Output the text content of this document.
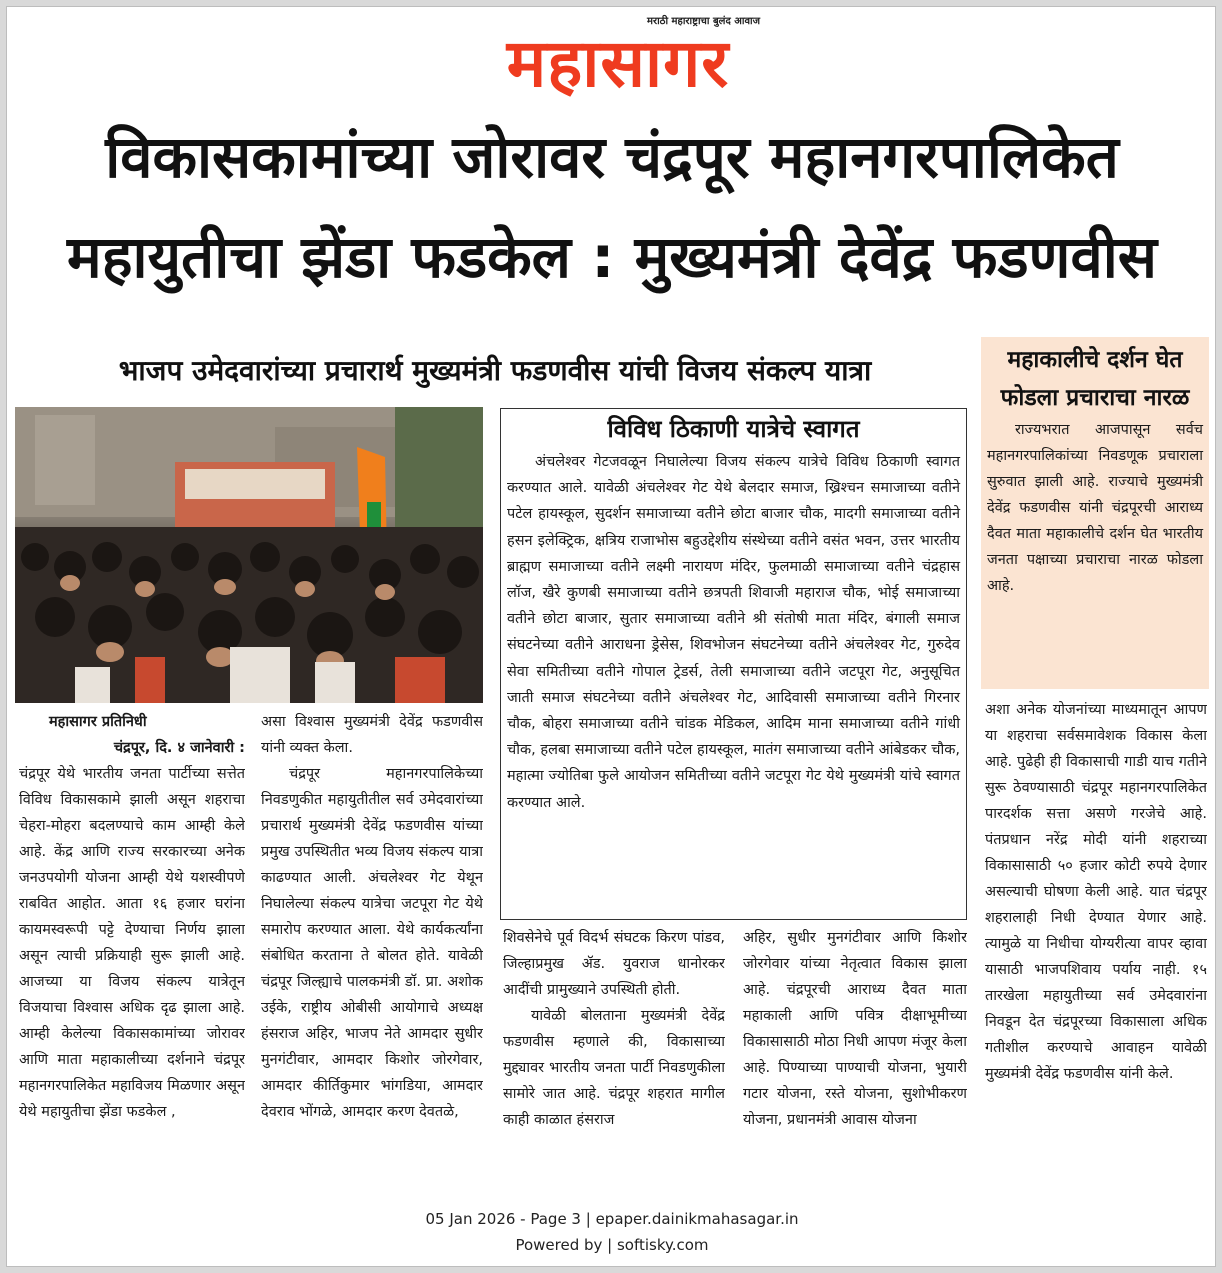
मराठी महाराष्ट्राचा बुलंद आवाज
महासागर
विकासकामांच्या जोरावर चंद्रपूर महानगरपालिकेत
महायुतीचा झेंडा फडकेल : मुख्यमंत्री देवेंद्र फडणवीस
भाजप उमेदवारांच्या प्रचारार्थ मुख्यमंत्री फडणवीस यांची विजय संकल्प यात्रा

महासागर प्रतिनिधी

चंद्रपूर, दि. ४ जानेवारी :

चंद्रपूर येथे भारतीय जनता पार्टीच्या सत्तेत विविध विकासकामे झाली असून शहराचा चेहरा-मोहरा बदलण्याचे काम आम्ही केले आहे. केंद्र आणि राज्य सरकारच्या अनेक जनउपयोगी योजना आम्ही येथे यशस्वीपणे राबवित आहोत. आता १६ हजार घरांना कायमस्वरूपी पट्टे देण्याचा निर्णय झाला असून त्याची प्रक्रियाही सुरू झाली आहे. आजच्या या विजय संकल्प यात्रेतून विजयाचा विश्वास अधिक दृढ झाला आहे. आम्ही केलेल्या विकासकामांच्या जोरावर आणि माता महाकालीच्या दर्शनाने चंद्रपूर महानगरपालिकेत महाविजय मिळणार असून येथे महायुतीचा झेंडा फडकेल ,

असा विश्वास मुख्यमंत्री देवेंद्र फडणवीस यांनी व्यक्त केला.

चंद्रपूर महानगरपालिकेच्या निवडणुकीत महायुतीतील सर्व उमेदवारांच्या प्रचारार्थ मुख्यमंत्री देवेंद्र फडणवीस यांच्या प्रमुख उपस्थितीत भव्य विजय संकल्प यात्रा काढण्यात आली. अंचलेश्वर गेट येथून निघालेल्या संकल्प यात्रेचा जटपूरा गेट येथे समारोप करण्यात आला. येथे कार्यकर्त्यांना संबोधित करताना ते बोलत होते. यावेळी चंद्रपूर जिल्ह्याचे पालकमंत्री डॉ. प्रा. अशोक उईके, राष्ट्रीय ओबीसी आयोगाचे अध्यक्ष हंसराज अहिर, भाजप नेते आमदार सुधीर मुनगंटीवार, आमदार किशोर जोरगेवार, आमदार कीर्तिकुमार भांगडिया, आमदार देवराव भोंगळे, आमदार करण देवतळे,

विविध ठिकाणी यात्रेचे स्वागत
अंचलेश्वर गेटजवळून निघालेल्या विजय संकल्प यात्रेचे विविध ठिकाणी स्वागत करण्यात आले. यावेळी अंचलेश्वर गेट येथे बेलदार समाज, ख्रिश्चन समाजाच्या वतीने पटेल हायस्कूल, सुदर्शन समाजाच्या वतीने छोटा बाजार चौक, मादगी समाजाच्या वतीने हसन इलेक्ट्रिक, क्षत्रिय राजाभोस बहुउद्देशीय संस्थेच्या वतीने वसंत भवन, उत्तर भारतीय ब्राह्मण समाजाच्या वतीने लक्ष्मी नारायण मंदिर, फुलमाळी समाजाच्या वतीने चंद्रहास लॉज, खैरे कुणबी समाजाच्या वतीने छत्रपती शिवाजी महाराज चौक, भोई समाजाच्या वतीने छोटा बाजार, सुतार समाजाच्या वतीने श्री संतोषी माता मंदिर, बंगाली समाज संघटनेच्या वतीने आराधना ड्रेसेस, शिवभोजन संघटनेच्या वतीने अंचलेश्वर गेट, गुरुदेव सेवा समितीच्या वतीने गोपाल ट्रेडर्स, तेली समाजाच्या वतीने जटपूरा गेट, अनुसूचित जाती समाज संघटनेच्या वतीने अंचलेश्वर गेट, आदिवासी समाजाच्या वतीने गिरनार चौक, बोहरा समाजाच्या वतीने चांडक मेडिकल, आदिम माना समाजाच्या वतीने गांधी चौक, हलबा समाजाच्या वतीने पटेल हायस्कूल, मातंग समाजाच्या वतीने आंबेडकर चौक, महात्मा ज्योतिबा फुले आयोजन समितीच्या वतीने जटपूरा गेट येथे मुख्यमंत्री यांचे स्वागत करण्यात आले.

शिवसेनेचे पूर्व विदर्भ संघटक किरण पांडव, जिल्हाप्रमुख ॲड. युवराज धानोरकर आदींची प्रामुख्याने उपस्थिती होती.

यावेळी बोलताना मुख्यमंत्री देवेंद्र फडणवीस म्हणाले की, विकासाच्या मुद्द्यावर भारतीय जनता पार्टी निवडणुकीला सामोरे जात आहे. चंद्रपूर शहरात मागील काही काळात हंसराज

अहिर, सुधीर मुनगंटीवार आणि किशोर जोरगेवार यांच्या नेतृत्वात विकास झाला आहे. चंद्रपूरची आराध्य दैवत माता महाकाली आणि पवित्र दीक्षाभूमीच्या विकासासाठी मोठा निधी आपण मंजूर केला आहे. पिण्याच्या पाण्याची योजना, भुयारी गटार योजना, रस्ते योजना, सुशोभीकरण योजना, प्रधानमंत्री आवास योजना

महाकालीचे दर्शन घेत फोडला प्रचाराचा नारळ
राज्यभरात आजपासून सर्वच महानगरपालिकांच्या निवडणूक प्रचाराला सुरुवात झाली आहे. राज्याचे मुख्यमंत्री देवेंद्र फडणवीस यांनी चंद्रपूरची आराध्य दैवत माता महाकालीचे दर्शन घेत भारतीय जनता पक्षाच्या प्रचाराचा नारळ फोडला आहे.

अशा अनेक योजनांच्या माध्यमातून आपण या शहराचा सर्वसमावेशक विकास केला आहे. पुढेही ही विकासाची गाडी याच गतीने सुरू ठेवण्यासाठी चंद्रपूर महानगरपालिकेत पारदर्शक सत्ता असणे गरजेचे आहे. पंतप्रधान नरेंद्र मोदी यांनी शहराच्या विकासासाठी ५० हजार कोटी रुपये देणार असल्याची घोषणा केली आहे. यात चंद्रपूर शहरालाही निधी देण्यात येणार आहे. त्यामुळे या निधीचा योग्यरीत्या वापर व्हावा यासाठी भाजपशिवाय पर्याय नाही. १५ तारखेला महायुतीच्या सर्व उमेदवारांना निवडून देत चंद्रपूरच्या विकासाला अधिक गतीशील करण्याचे आवाहन यावेळी मुख्यमंत्री देवेंद्र फडणवीस यांनी केले.

05 Jan 2026 - Page 3 | epaper.dainikmahasagar.in
Powered by | softisky.com
